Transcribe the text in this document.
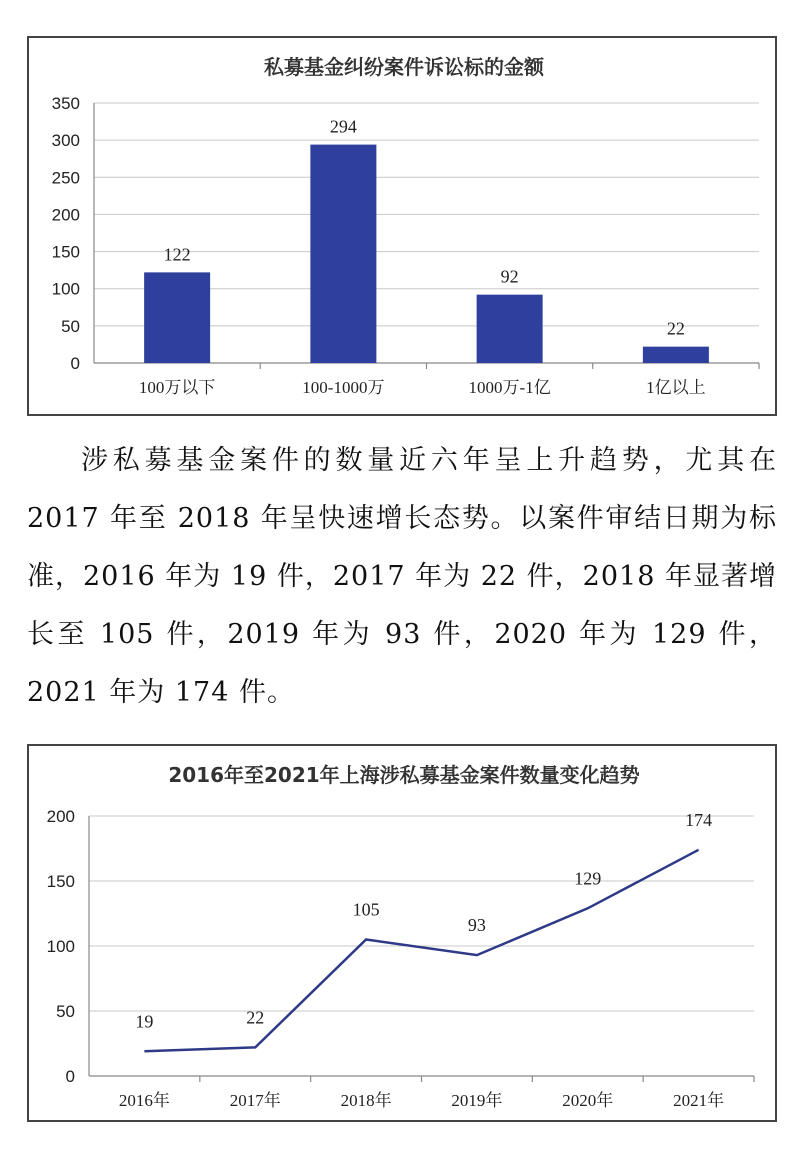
私募基金纠纷案件诉讼标的金额
0
50
100
150
200
250
300
350
122
100万以下
294
100-1000万
92
1000万-1亿
22
1亿以上
涉私募基金案件的数量近六年呈上升趋势，尤其在 2017 年至 2018 年呈快速增长态势。以案件审结日期为标准，2016 年为 19 件，2017 年为 22 件，2018 年显著增长至 105 件，2019 年为 93 件，2020 年为 129 件，2021 年为 174 件。
2016年至2021年上海涉私募基金案件数量变化趋势
0
50
100
150
200
19
2016年
22
2017年
105
2018年
93
2019年
129
2020年
174
2021年
